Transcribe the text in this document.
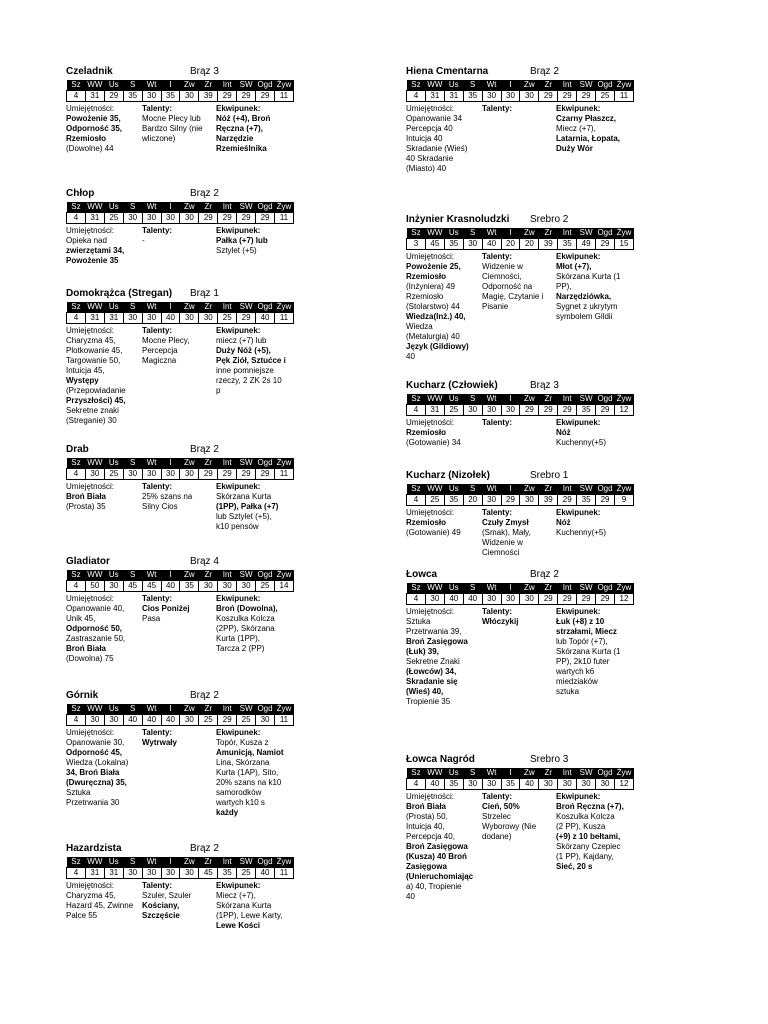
Czeladnik	Brąz 3
Sz	WW	Us	S	Wt	I	Zw	Zr	Int	SW	Ogd	Żyw
4	31	29	35	30	35	30	39	29	29	29	11
Umiejętności:
Powożenie 35,
Odporność 35,
Rzemiosło
(Dowolne) 44
Talenty:
Mocne Plecy lub
Bardzo Silny (nie
wliczone)
Ekwipunek:
Nóż (+4), Broń
Ręczna (+7),
Narzędzie
Rzemieślnika
Chłop	Brąz 2
Sz	WW	Us	S	Wt	I	Zw	Zr	Int	SW	Ogd	Żyw
4	31	25	30	30	30	30	29	29	29	29	11
Umiejętności:
Opieka nad
zwierzętami 34,
Powożenie 35
Talenty:
-
Ekwipunek:
Pałka (+7) lub
Sztylet (+5)
Domokrążca (Stregan) Brąz 1
Sz	WW	Us	S	Wt	I	Zw	Zr	Int	SW	Ogd	Żyw
4	31	31	30	30	40	30	30	25	29	40	11
Umiejętności:
Charyzma 45,
Plotkowanie 45,
Targowanie 50,
Intuicja 45,
Występy
(Przepowiadanie
Przyszłości) 45,
Sekretne znaki
(Streganie) 30
Talenty:
Mocne Plecy,
Percepcja
Magiczna
Ekwipunek:
miecz (+7) lub
Duży Nóż (+5),
Pęk Ziół, Sztućce i
inne pomniejsze
rzeczy, 2 ZK 2s 10
p
Drab	Brąz 2
Sz	WW	Us	S	Wt	I	Zw	Zr	Int	SW	Ogd	Żyw
4	30	25	30	30	30	30	29	29	29	29	11
Umiejętności:
Broń Biała
(Prosta) 35
Talenty:
25% szans na
Silny Cios
Ekwipunek:
Skórzana Kurta
(1PP), Pałka (+7)
lub Sztylet (+5),
k10 pensów
Gladiator	Brąz 4
Sz	WW	Us	S	Wt	I	Zw	Zr	Int	SW	Ogd	Żyw
4	50	30	45	45	40	35	30	30	30	25	14
Umiejętności:
Opanowanie 40,
Unik 45,
Odporność 50,
Zastraszanie 50,
Broń Biała
(Dowolna) 75
Talenty:
Cios Poniżej
Pasa
Ekwipunek:
Broń (Dowolna),
Koszulka Kolcza
(2PP), Skórzana
Kurta (1PP),
Tarcza 2 (PP)
Górnik	Brąz 2
Sz	WW	Us	S	Wt	I	Zw	Zr	Int	SW	Ogd	Żyw
4	30	30	40	40	40	30	25	29	25	30	11
Umiejętności:
Opanowanie 30,
Odporność 45,
Wiedza (Lokalna)
34, Broń Biała
(Dwuręczna) 35,
Sztuka
Przetrwania 30
Talenty:
Wytrwały
Ekwipunek:
Topór, Kusza z
Amunicją, Namiot
Lina, Skórzana
Kurta (1AP), Sito,
20% szans na k10
samorodków
wartych k10 s
każdy
Hazardzista	Brąz 2
Sz	WW	Us	S	Wt	I	Zw	Zr	Int	SW	Ogd	Żyw
4	31	31	30	30	30	30	45	35	25	40	11
Umiejętności:
Charyzma 45,
Hazard 45, Zwinne
Palce 55
Talenty:
Szuler, Szuler
Kościany,
Szczęście
Ekwipunek:
Miecz (+7),
Skórzana Kurta
(1PP), Lewe Karty,
Lewe Kości
Hiena Cmentarna	Brąz 2
Sz	WW	Us	S	Wt	I	Zw	Zr	Int	SW	Ogd	Żyw
4	31	31	35	30	30	30	29	29	29	25	11
Umiejętności:
Opanowanie 34
Percepcja 40
Intuicja 40
Skradanie (Wieś)
40 Skradanie
(Miasto) 40
Talenty:	Ekwipunek:
Czarny Płaszcz,
Miecz (+7),
Latarnia, Łopata,
Duży Wór
Inżynier Krasnoludzki Srebro 2
Sz	WW	Us	S	Wt	I	Zw	Zr	Int	SW	Ogd	Żyw
3	45	35	30	40	20	20	39	35	49	29	15
Umiejętności:
Powożenie 25,
Rzemiosło
(Inżyniera) 49
Rzemiosło
(Stolarstwo) 44
Wiedza(Inż.) 40,
Wiedza
(Metalurgia) 40
Język (Gildiowy)
40
Talenty:
Widzenie w
Ciemności,
Odporność na
Magię, Czytanie i
Pisanie
Ekwipunek:
Młot (+7),
Skórzana Kurta (1
PP),
Narzędziówka,
Sygnet z ukrytym
symbolem Gildii
Kucharz (Człowiek)	Brąz 3
Sz	WW	Us	S	Wt	I	Zw	Zr	Int	SW	Ogd	Żyw
4	31	25	30	30	30	29	29	29	35	29	12
Umiejętności:
Rzemiosło
(Gotowanie) 34
Talenty:	Ekwipunek:
Nóż
Kuchenny(+5)
Kucharz (Nizołek)	Srebro 1
Sz	WW	Us	S	Wt	I	Zw	Zr	Int	SW	Ogd	Żyw
4	25	35	20	30	29	30	39	29	35	29	9
Umiejętności:
Rzemiosło
(Gotowanie) 49
Talenty:
Czuły Zmysł
(Smak), Mały,
Widzenie w
Ciemności
Ekwipunek:
Nóż
Kuchenny(+5)
Łowca	Brąz 2
Sz	WW	Us	S	Wt	I	Zw	Zr	Int	SW	Ogd	Żyw
4	30	40	40	30	30	30	29	29	29	29	12
Umiejętności:
Sztuka
Przetrwania 39,
Broń Zasięgowa
(Łuk) 39,
Sekretne Znaki
(Łowców) 34,
Skradanie się
(Wieś) 40,
Tropienie 35
Talenty:
Włóczykij
Ekwipunek:
Łuk (+8) z 10
strzałami, Miecz
lub Topór (+7),
Skórzana Kurta (1
PP), 2k10 futer
wartych k6
miedziaków
sztuka
Łowca Nagród	Srebro 3
Sz	WW	Us	S	Wt	I	Zw	Zr	Int	SW	Ogd	Żyw
4	40	35	30	30	35	40	30	30	30	30	12
Umiejętności:
Broń Biała
(Prosta) 50,
Intuicja 40,
Percepcja 40,
Broń Zasięgowa
(Kusza) 40 Broń
Zasięgowa
(Unieruchomiając
a) 40, Tropienie
40
Talenty:
Cień, 50%
Strzelec
Wyborowy (Nie
dodane)
Ekwipunek:
Broń Ręczna (+7),
Koszulka Kolcza
(2 PP), Kusza
(+9) z 10 bełtami,
Skórzany Czepiec
(1 PP), Kajdany,
Sieć, 20 s
